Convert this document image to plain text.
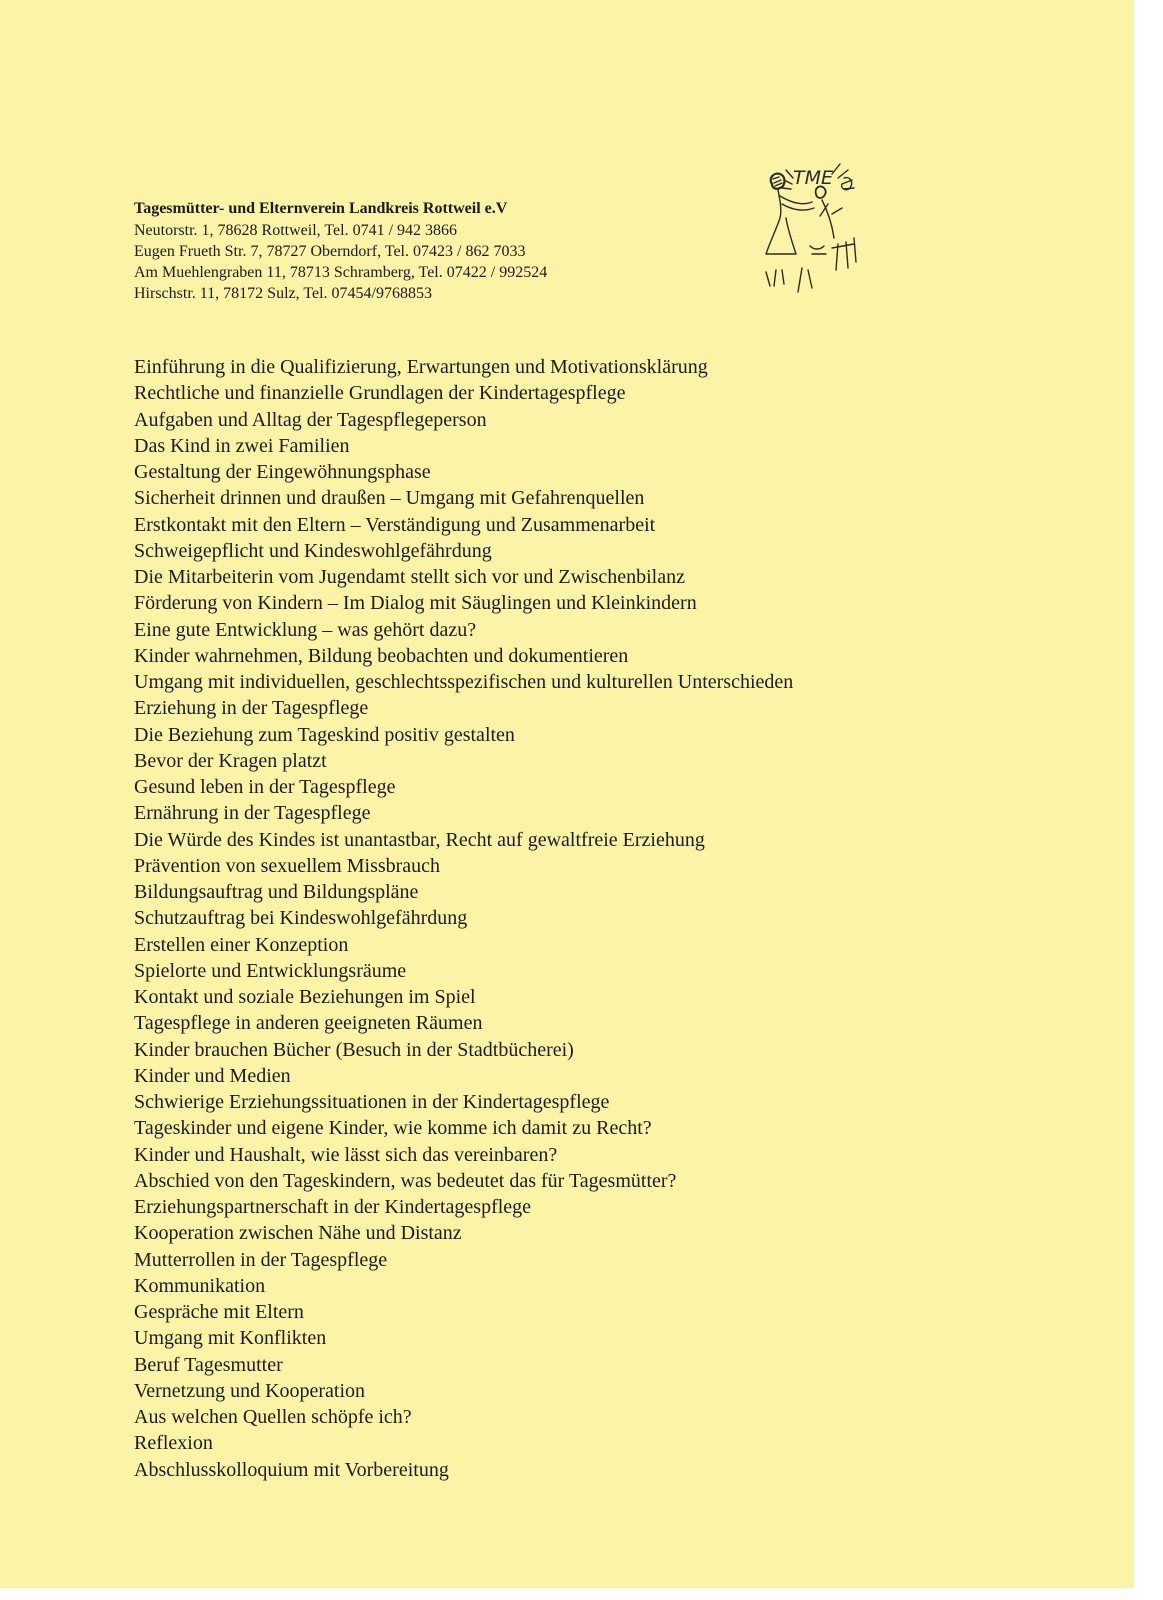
Tagesmütter- und Elternverein Landkreis Rottweil e.V

Neutorstr. 1, 78628 Rottweil, Tel. 0741 / 942 3866

Eugen Frueth Str. 7, 78727 Oberndorf, Tel. 07423 / 862 7033

Am Muehlengraben 11, 78713 Schramberg, Tel. 07422 / 992524

Hirschstr. 11, 78172 Sulz, Tel. 07454/9768853

TME
Einführung in die Qualifizierung, Erwartungen und Motivationsklärung
Rechtliche und finanzielle Grundlagen der Kindertagespflege
Aufgaben und Alltag der Tagespflegeperson
Das Kind in zwei Familien
Gestaltung der Eingewöhnungsphase
Sicherheit drinnen und draußen – Umgang mit Gefahrenquellen
Erstkontakt mit den Eltern – Verständigung und Zusammenarbeit
Schweigepflicht und Kindeswohlgefährdung
Die Mitarbeiterin vom Jugendamt stellt sich vor und Zwischenbilanz
Förderung von Kindern – Im Dialog mit Säuglingen und Kleinkindern
Eine gute Entwicklung – was gehört dazu?
Kinder wahrnehmen, Bildung beobachten und dokumentieren
Umgang mit individuellen, geschlechtsspezifischen und kulturellen Unterschieden
Erziehung in der Tagespflege
Die Beziehung zum Tageskind positiv gestalten
Bevor der Kragen platzt
Gesund leben in der Tagespflege
Ernährung in der Tagespflege
Die Würde des Kindes ist unantastbar, Recht auf gewaltfreie Erziehung
Prävention von sexuellem Missbrauch
Bildungsauftrag und Bildungspläne
Schutzauftrag bei Kindeswohlgefährdung
Erstellen einer Konzeption
Spielorte und Entwicklungsräume
Kontakt und soziale Beziehungen im Spiel
Tagespflege in anderen geeigneten Räumen
Kinder brauchen Bücher (Besuch in der Stadtbücherei)
Kinder und Medien
Schwierige Erziehungssituationen in der Kindertagespflege
Tageskinder und eigene Kinder, wie komme ich damit zu Recht?
Kinder und Haushalt, wie lässt sich das vereinbaren?
Abschied von den Tageskindern, was bedeutet das für Tagesmütter?
Erziehungspartnerschaft in der Kindertagespflege
Kooperation zwischen Nähe und Distanz
Mutterrollen in der Tagespflege
Kommunikation
Gespräche mit Eltern
Umgang mit Konflikten
Beruf Tagesmutter
Vernetzung und Kooperation
Aus welchen Quellen schöpfe ich?
Reflexion
Abschlusskolloquium mit Vorbereitung
